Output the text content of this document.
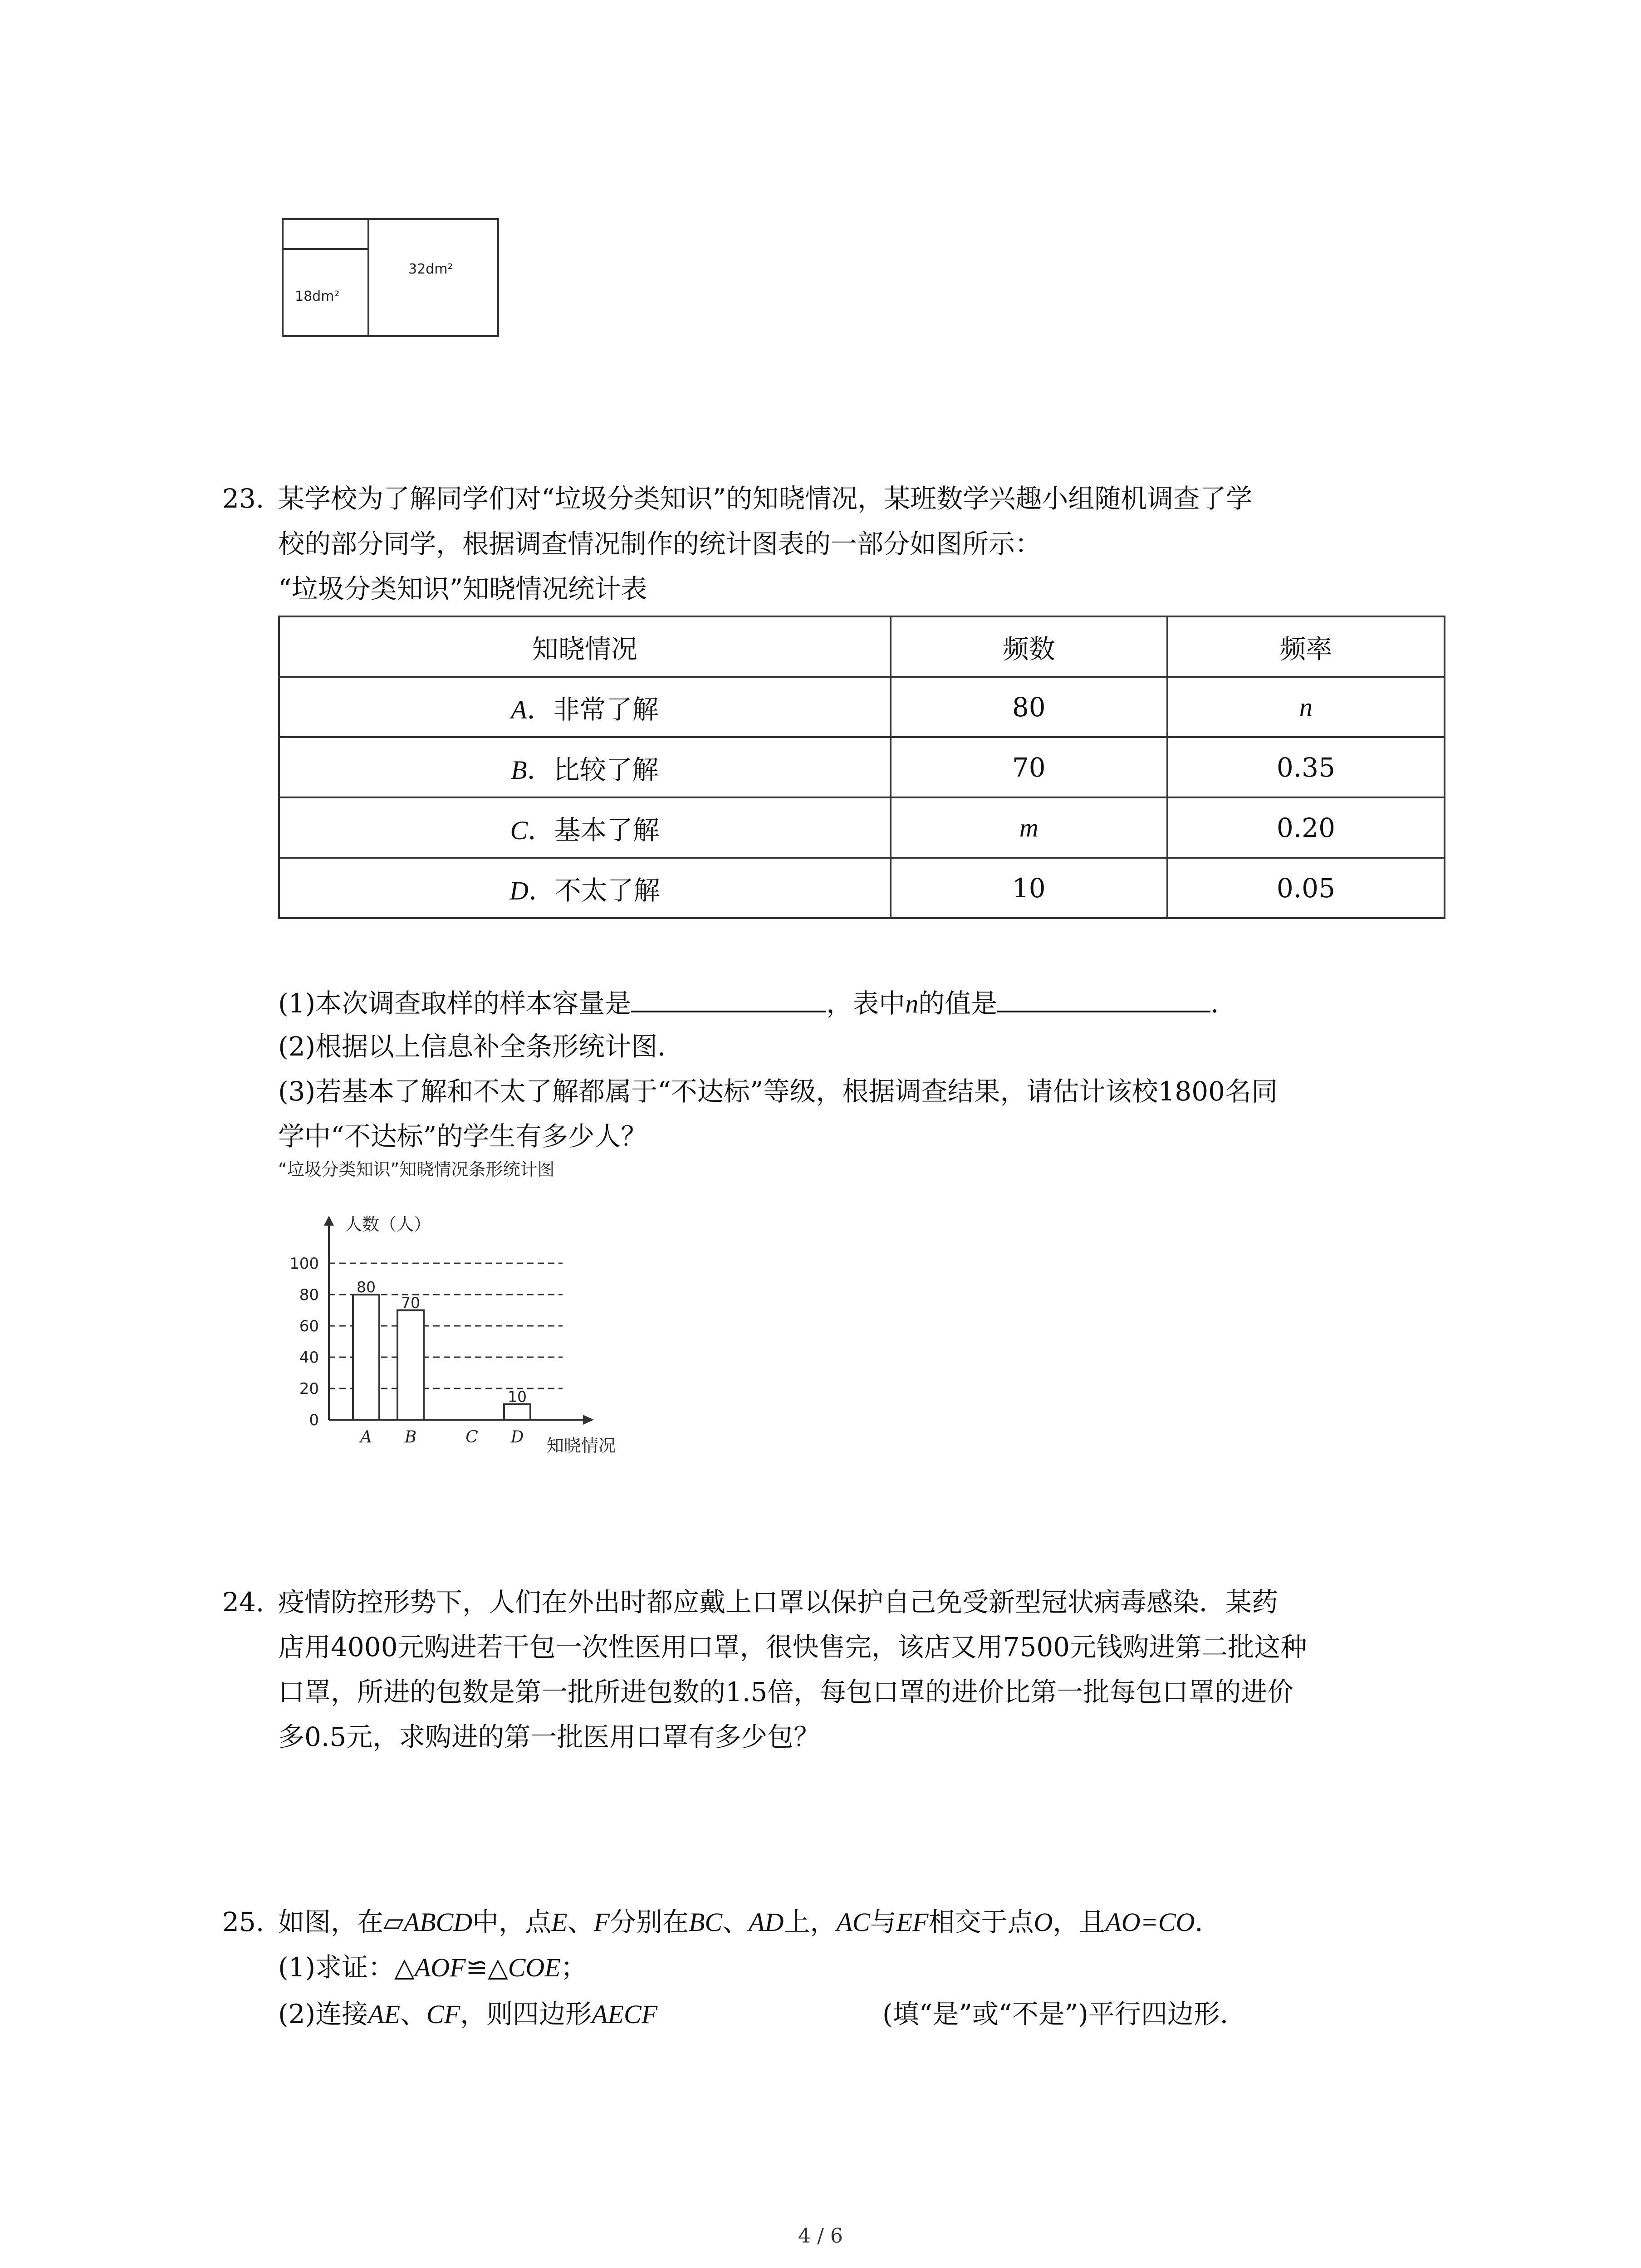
18dm²
32dm²
23. 某学校为了解同学们对“垃圾分类知识”的知晓情况，某班数学兴趣小组随机调查了学
校的部分同学，根据调查情况制作的统计图表的一部分如图所示：
“垃圾分类知识”知晓情况统计表
知晓情况	频数	频率
A．非常了解	80	n
B．比较了解	70	0.35
C．基本了解	m	0.20
D．不太了解	10	0.05
(1)本次调查取样的样本容量是	，表中n的值是	．
(2)根据以上信息补全条形统计图．
(3)若基本了解和不太了解都属于“不达标”等级，根据调查结果，请估计该校1800名同
学中“不达标”的学生有多少人？
“垃圾分类知识”知晓情况条形统计图
0
20
40
60
80
100
人数（人）
知晓情况
80
A
70
B	C
10
D
24. 疫情防控形势下，人们在外出时都应戴上口罩以保护自己免受新型冠状病毒感染．某药
店用4000元购进若干包一次性医用口罩，很快售完，该店又用7500元钱购进第二批这种
口罩，所进的包数是第一批所进包数的1.5倍，每包口罩的进价比第一批每包口罩的进价
多0.5元，求购进的第一批医用口罩有多少包？
25. 如图，在▱ABCD中，点E、F分别在BC、AD上，AC与EF相交于点O，且AO=CO．
(1)求证：△AOF≌△COE；
(2)连接AE、CF，则四边形AECF	(填“是”或“不是”)平行四边形．
4 / 6
